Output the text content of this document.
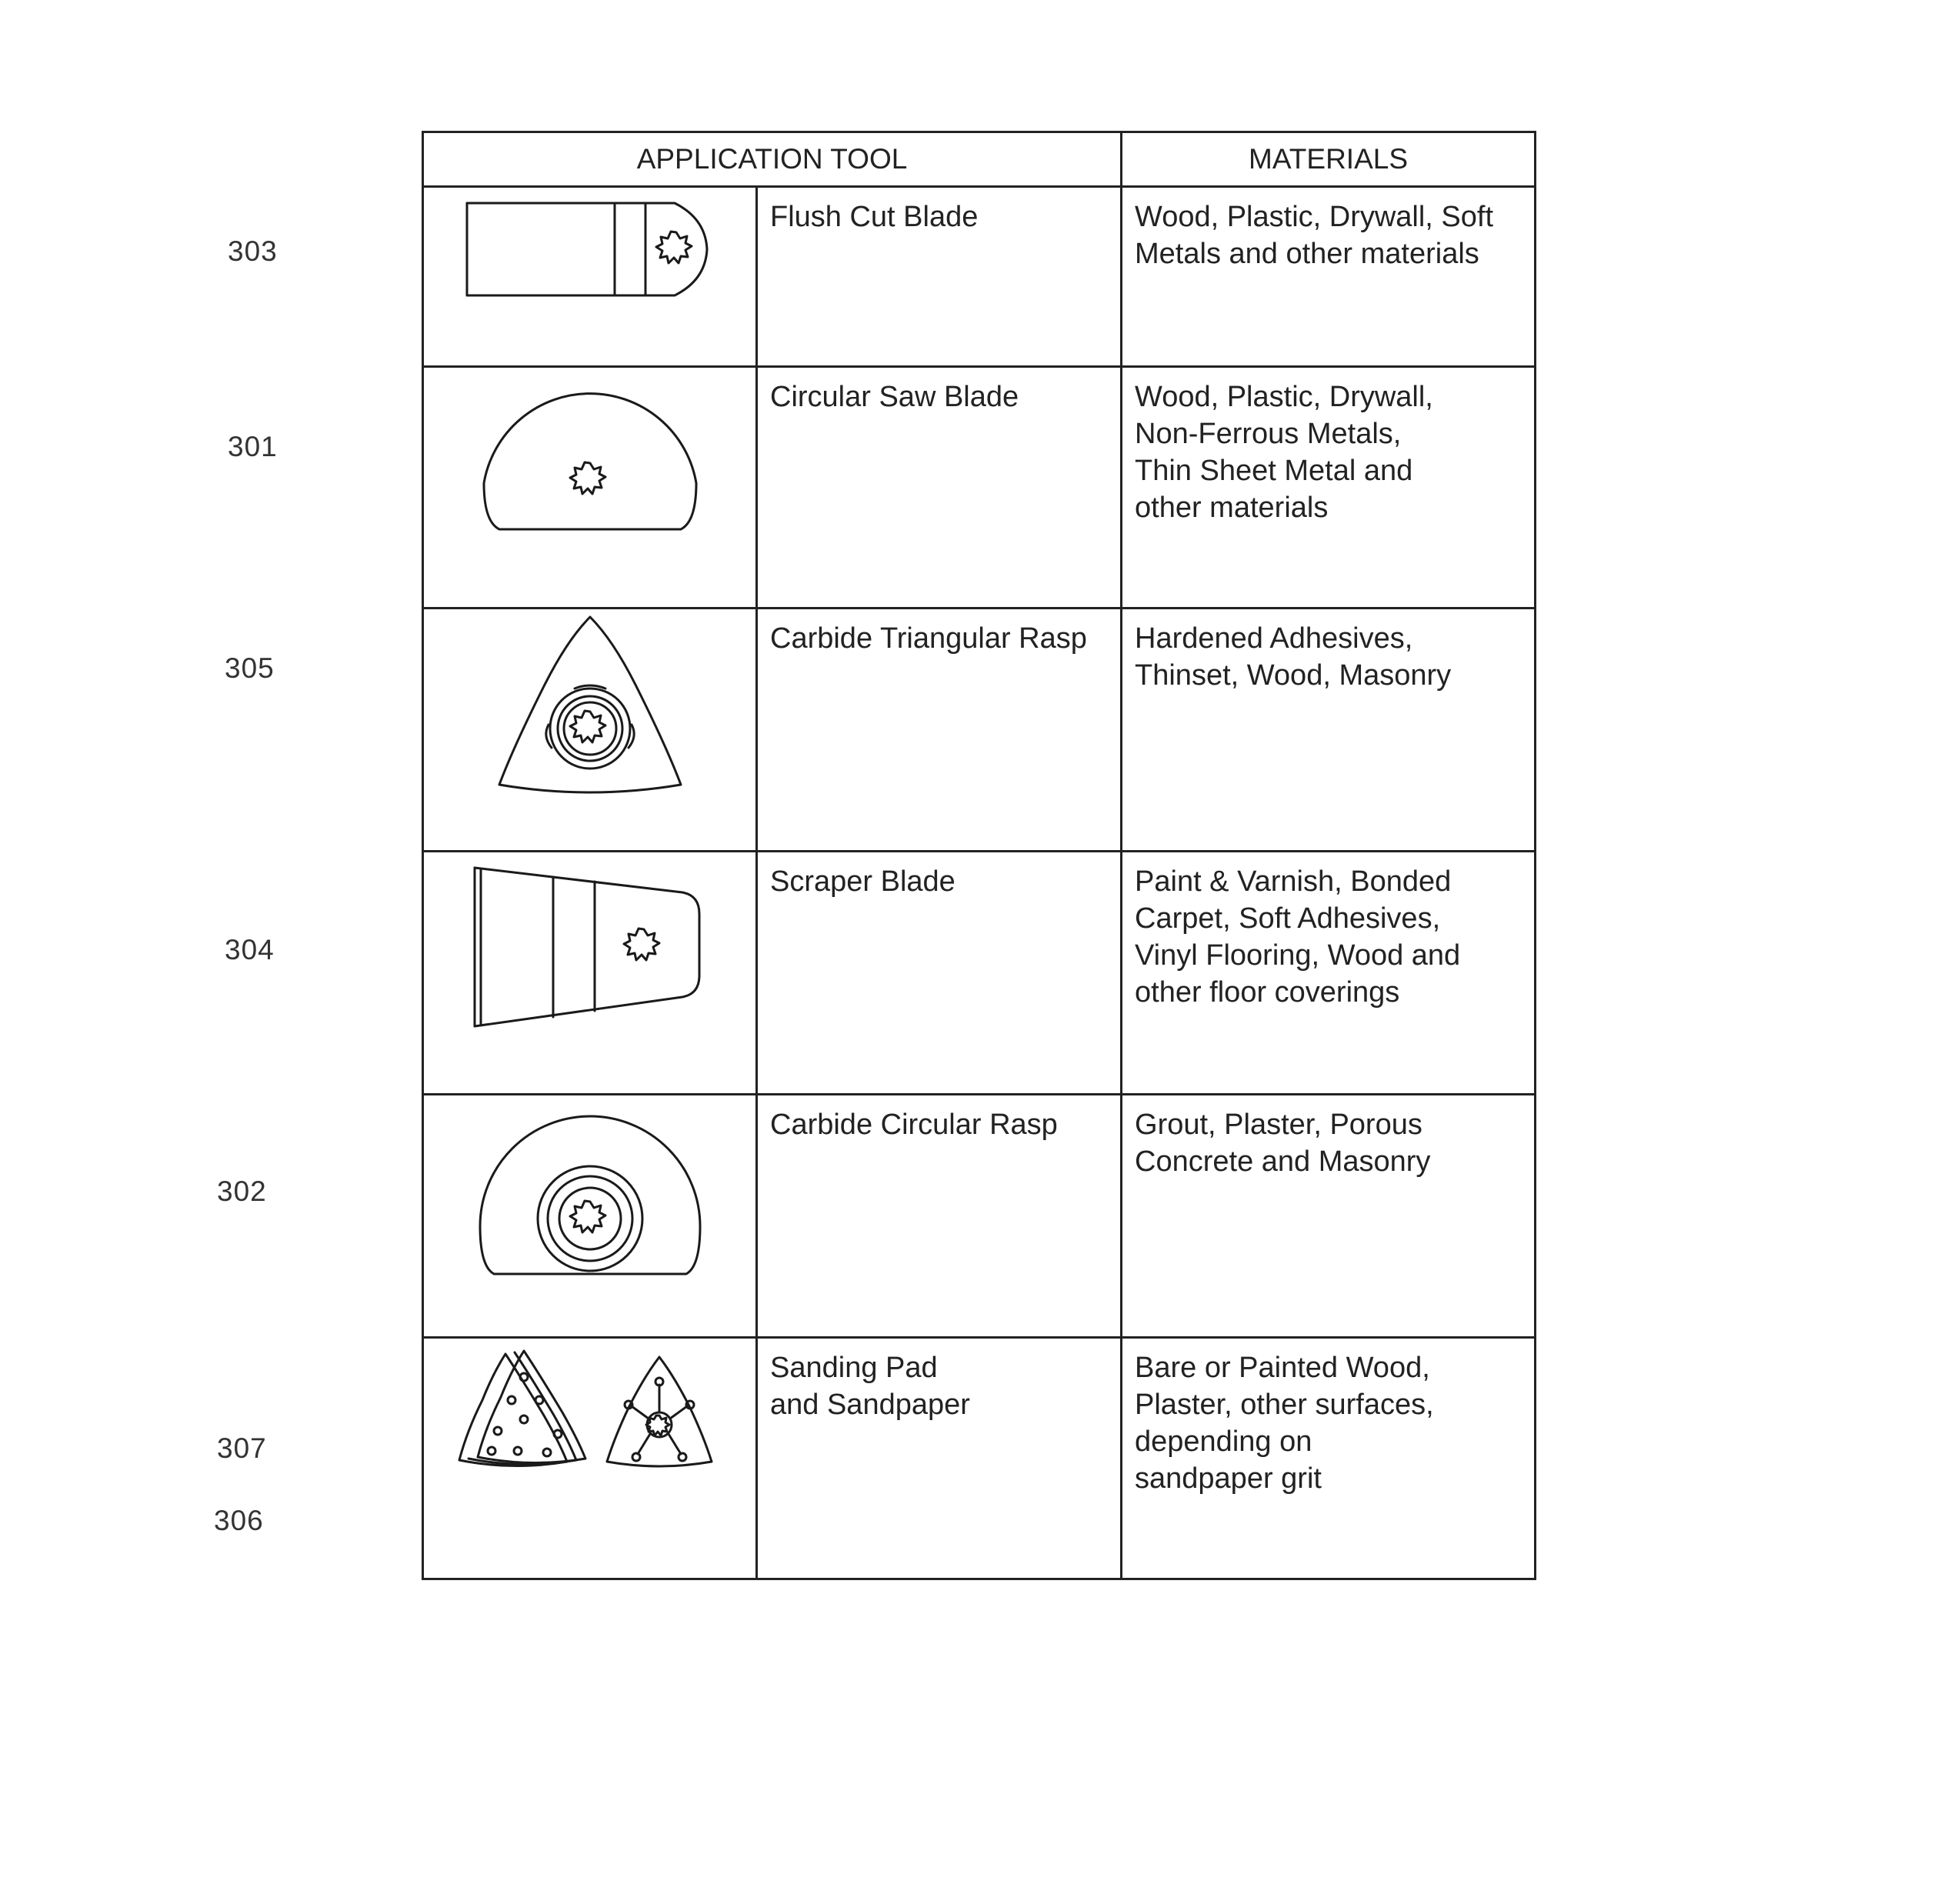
303
301
305
304
302
307
306
APPLICATION TOOL		MATERIALS

	Flush Cut Blade	Wood, Plastic, Drywall, Soft
Metals and other materials

	Circular Saw Blade	Wood, Plastic, Drywall,
Non-Ferrous Metals,
Thin Sheet Metal and
other materials

	Carbide Triangular Rasp	Hardened Adhesives,
Thinset, Wood, Masonry

	Scraper Blade	Paint & Varnish, Bonded
Carpet, Soft Adhesives,
Vinyl Flooring, Wood and
other floor coverings

	Carbide Circular Rasp	Grout, Plaster, Porous
Concrete and Masonry

	Sanding Pad
and Sandpaper	Bare or Painted Wood,
Plaster, other surfaces,
depending on
sandpaper grit
